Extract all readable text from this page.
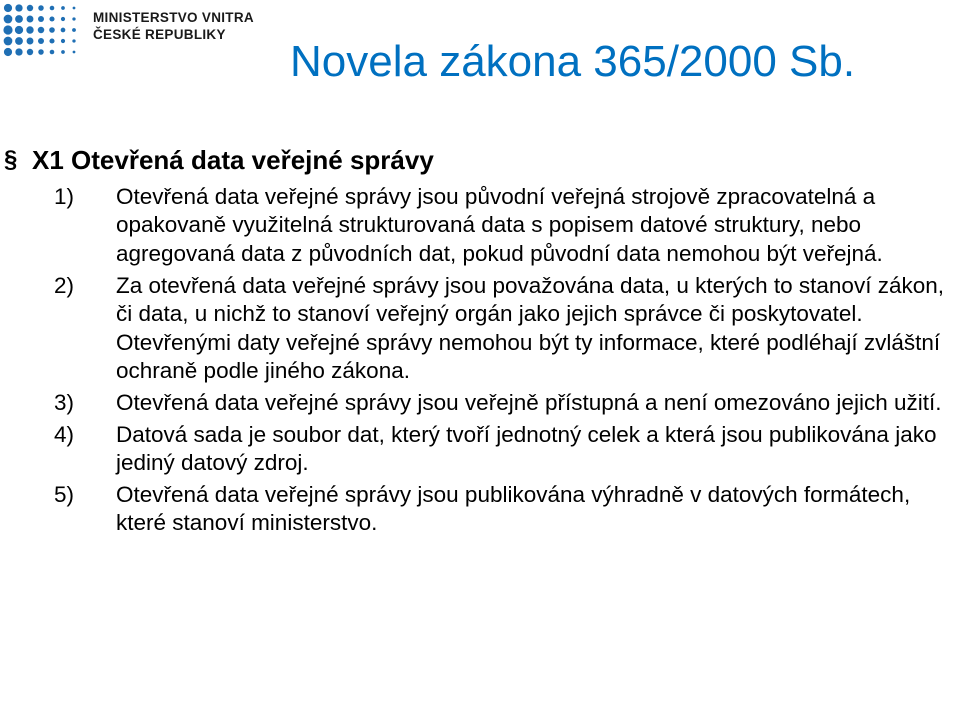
MINISTERSTVO VNITRA
ČESKÉ REPUBLIKY
Novela zákona 365/2000 Sb.
§ X1 Otevřená data veřejné správy
1)	Otevřená data veřejné správy jsou původní veřejná strojově zpracovatelná a opakovaně využitelná strukturovaná data s popisem datové struktury, nebo agregovaná data z původních dat, pokud původní data nemohou být veřejná.
2)	Za otevřená data veřejné správy jsou považována data, u kterých to stanoví zákon, či data, u nichž to stanoví veřejný orgán jako jejich správce či poskytovatel. Otevřenými daty veřejné správy nemohou být ty informace, které podléhají zvláštní ochraně podle jiného zákona.
3)	Otevřená data veřejné správy jsou veřejně přístupná a není omezováno jejich užití.
4)	Datová sada je soubor dat, který tvoří jednotný celek a která jsou publikována jako jediný datový zdroj.
5)	Otevřená data veřejné správy jsou publikována výhradně v datových formátech, které stanoví ministerstvo.
